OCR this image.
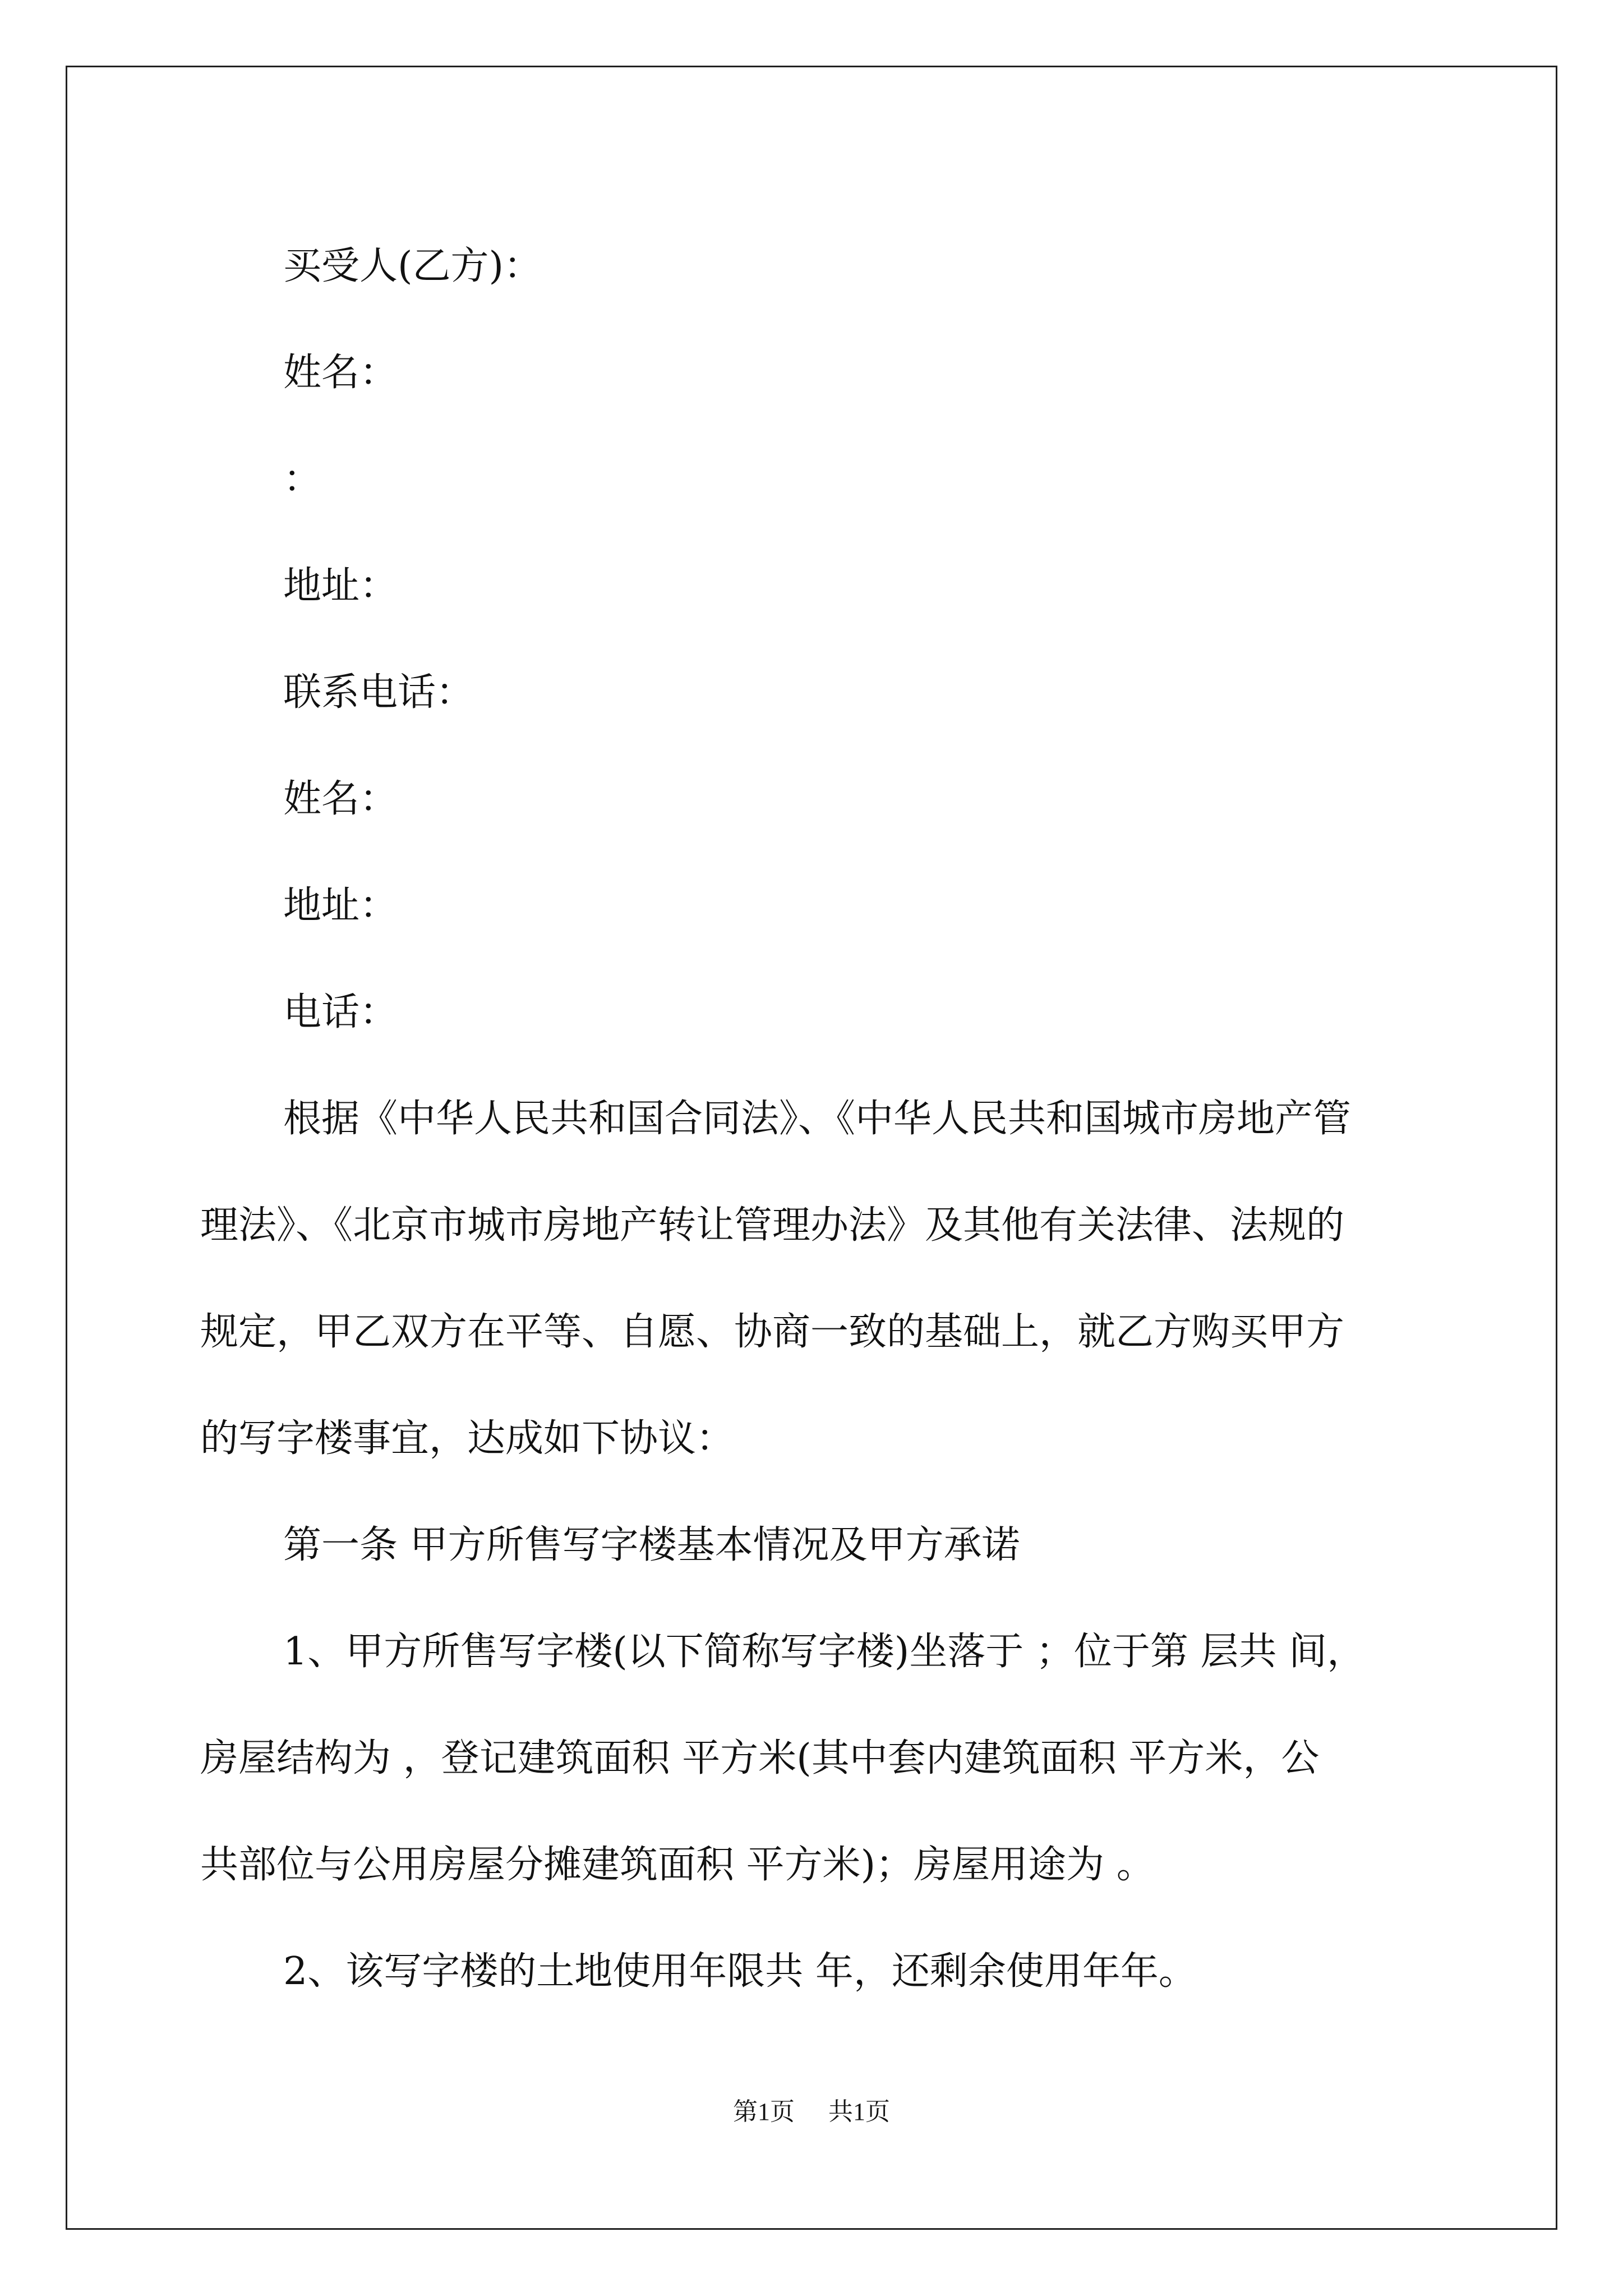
买受人(乙方)：
姓名：
：
地址：
联系电话：
姓名：
地址：
电话：
根据《中华人民共和国合同法》、《中华人民共和国城市房地产管
理法》、《北京市城市房地产转让管理办法》及其他有关法律、法规的
规定，甲乙双方在平等、自愿、协商一致的基础上，就乙方购买甲方
的写字楼事宜，达成如下协议：
第一条 甲方所售写字楼基本情况及甲方承诺
1、甲方所售写字楼(以下简称写字楼)坐落于 ；位于第 层共 间，
房屋结构为 ，登记建筑面积 平方米(其中套内建筑面积 平方米，公
共部位与公用房屋分摊建筑面积 平方米)；房屋用途为 。
2、该写字楼的土地使用年限共 年，还剩余使用年年。
第1页 共1页
